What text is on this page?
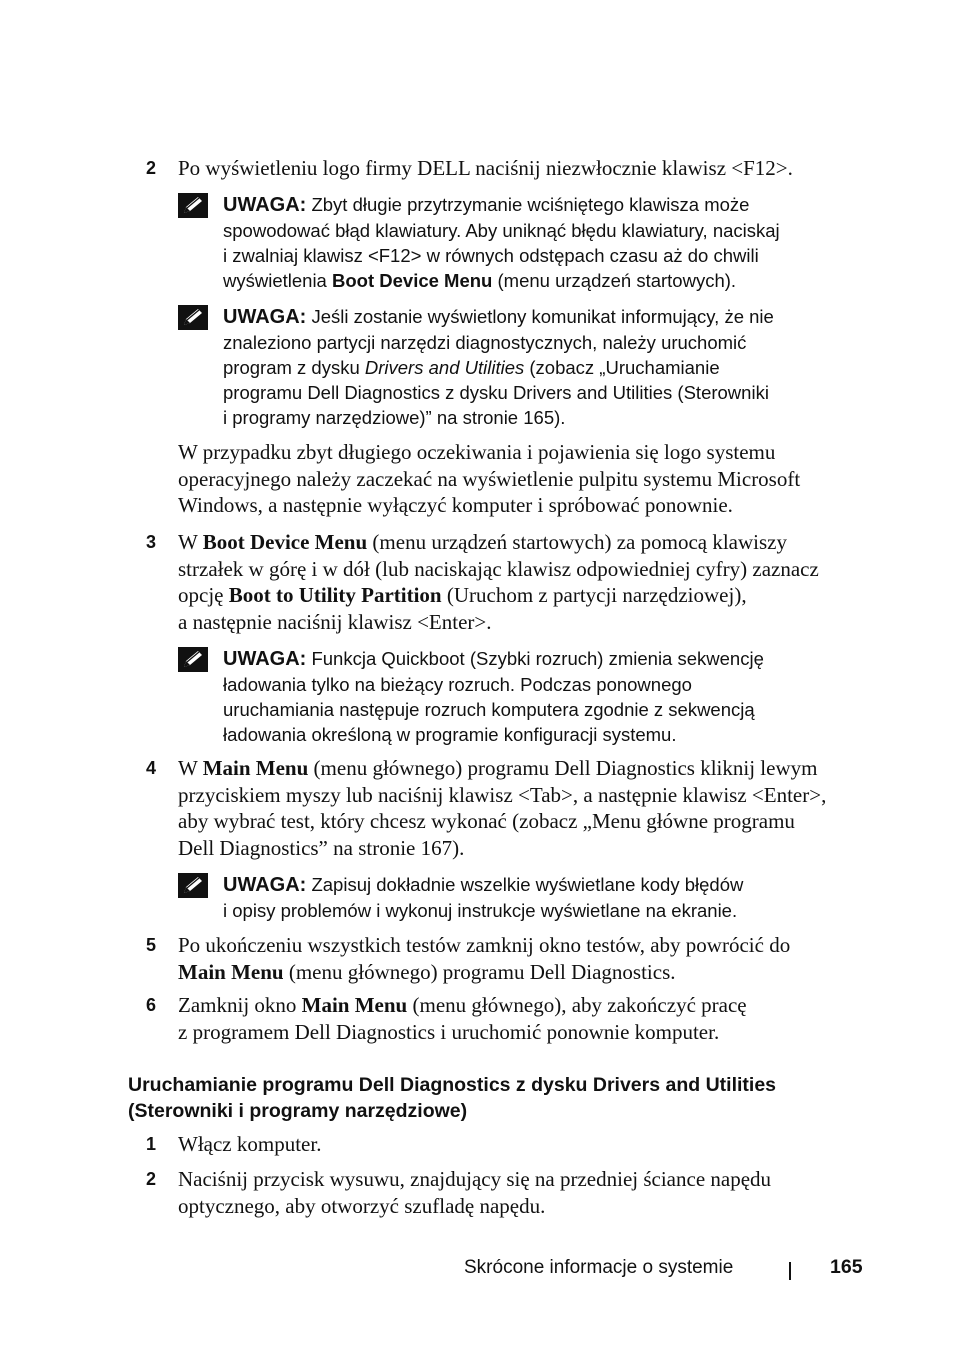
2 Po wyświetleniu logo firmy DELL naciśnij niezwłocznie klawisz <F12>.
UWAGA: Zbyt długie przytrzymanie wciśniętego klawisza może
spowodować błąd klawiatury. Aby uniknąć błędu klawiatury, naciskaj
i zwalniaj klawisz <F12> w równych odstępach czasu aż do chwili
wyświetlenia Boot Device Menu (menu urządzeń startowych).
UWAGA: Jeśli zostanie wyświetlony komunikat informujący, że nie
znaleziono partycji narzędzi diagnostycznych, należy uruchomić
program z dysku Drivers and Utilities (zobacz „Uruchamianie
programu Dell Diagnostics z dysku Drivers and Utilities (Sterowniki
i programy narzędziowe)” na stronie 165).
W przypadku zbyt długiego oczekiwania i pojawienia się logo systemu
operacyjnego należy zaczekać na wyświetlenie pulpitu systemu Microsoft
Windows, a następnie wyłączyć komputer i spróbować ponownie.
3 W Boot Device Menu (menu urządzeń startowych) za pomocą klawiszy
strzałek w górę i w dół (lub naciskając klawisz odpowiedniej cyfry) zaznacz
opcję Boot to Utility Partition (Uruchom z partycji narzędziowej),
a następnie naciśnij klawisz <Enter>.
UWAGA: Funkcja Quickboot (Szybki rozruch) zmienia sekwencję
ładowania tylko na bieżący rozruch. Podczas ponownego
uruchamiania następuje rozruch komputera zgodnie z sekwencją
ładowania określoną w programie konfiguracji systemu.
4 W Main Menu (menu głównego) programu Dell Diagnostics kliknij lewym
przyciskiem myszy lub naciśnij klawisz <Tab>, a następnie klawisz <Enter>,
aby wybrać test, który chcesz wykonać (zobacz „Menu główne programu
Dell Diagnostics” na stronie 167).
UWAGA: Zapisuj dokładnie wszelkie wyświetlane kody błędów
i opisy problemów i wykonuj instrukcje wyświetlane na ekranie.
5 Po ukończeniu wszystkich testów zamknij okno testów, aby powrócić do
Main Menu (menu głównego) programu Dell Diagnostics.
6 Zamknij okno Main Menu (menu głównego), aby zakończyć pracę
z programem Dell Diagnostics i uruchomić ponownie komputer.
Uruchamianie programu Dell Diagnostics z dysku Drivers and Utilities
(Sterowniki i programy narzędziowe)
1 Włącz komputer.
2 Naciśnij przycisk wysuwu, znajdujący się na przedniej ściance napędu
optycznego, aby otworzyć szufladę napędu.
Skrócone informacje o systemie	165
